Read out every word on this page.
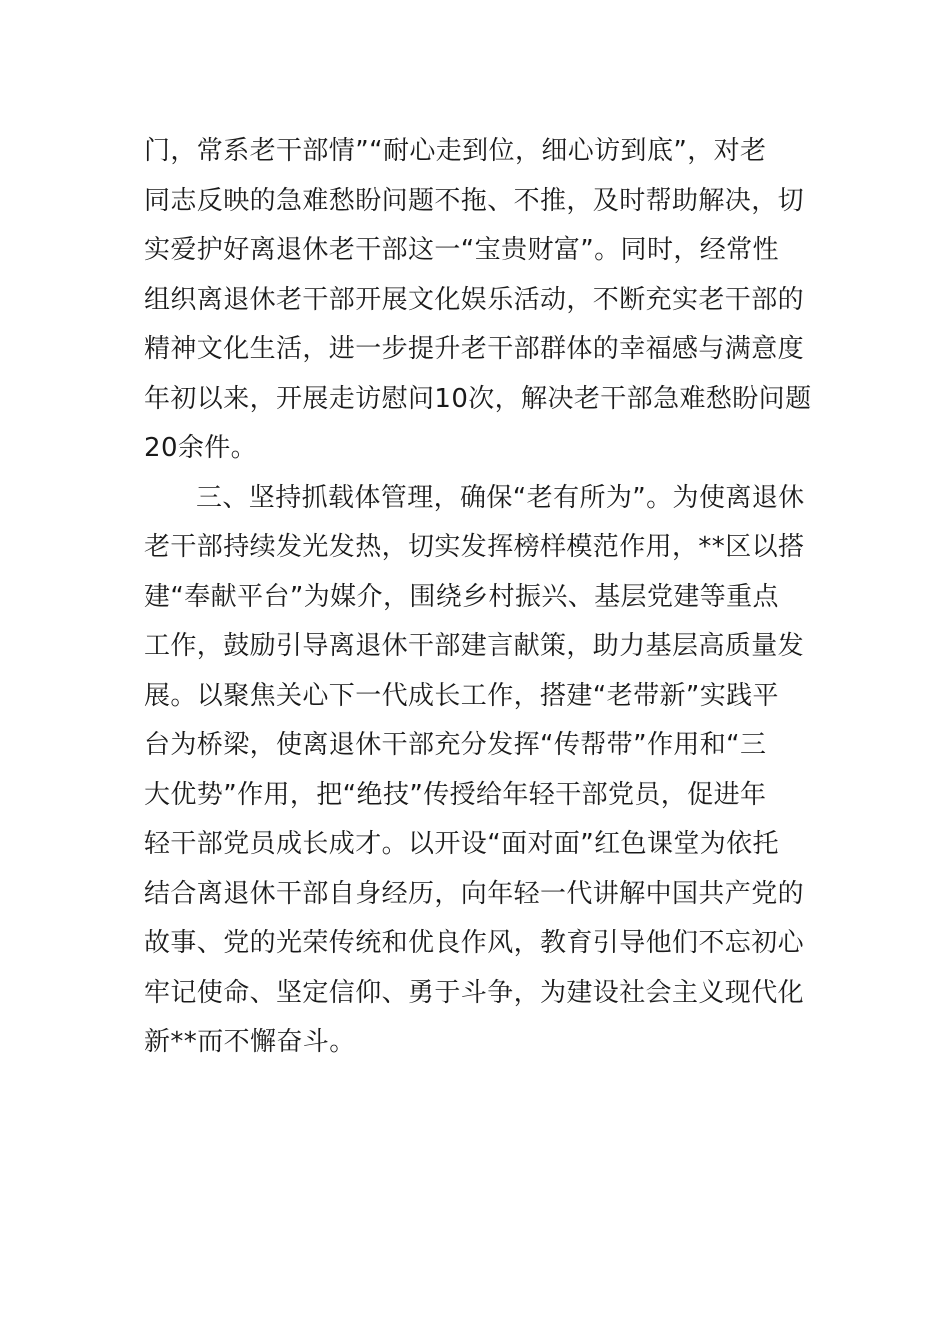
门，常系老干部情”“耐心走到位，细心访到底”，对老
同志反映的急难愁盼问题不拖、不推，及时帮助解决，切
实爱护好离退休老干部这一“宝贵财富”。同时，经常性
组织离退休老干部开展文化娱乐活动，不断充实老干部的
精神文化生活，进一步提升老干部群体的幸福感与满意度
年初以来，开展走访慰问10次，解决老干部急难愁盼问题
20余件。
三、坚持抓载体管理，确保“老有所为”。为使离退休
老干部持续发光发热，切实发挥榜样模范作用，**区以搭
建“奉献平台”为媒介，围绕乡村振兴、基层党建等重点
工作，鼓励引导离退休干部建言献策，助力基层高质量发
展。以聚焦关心下一代成长工作，搭建“老带新”实践平
台为桥梁，使离退休干部充分发挥“传帮带”作用和“三
大优势”作用，把“绝技”传授给年轻干部党员，促进年
轻干部党员成长成才。以开设“面对面”红色课堂为依托
结合离退休干部自身经历，向年轻一代讲解中国共产党的
故事、党的光荣传统和优良作风，教育引导他们不忘初心
牢记使命、坚定信仰、勇于斗争，为建设社会主义现代化
新**而不懈奋斗。
